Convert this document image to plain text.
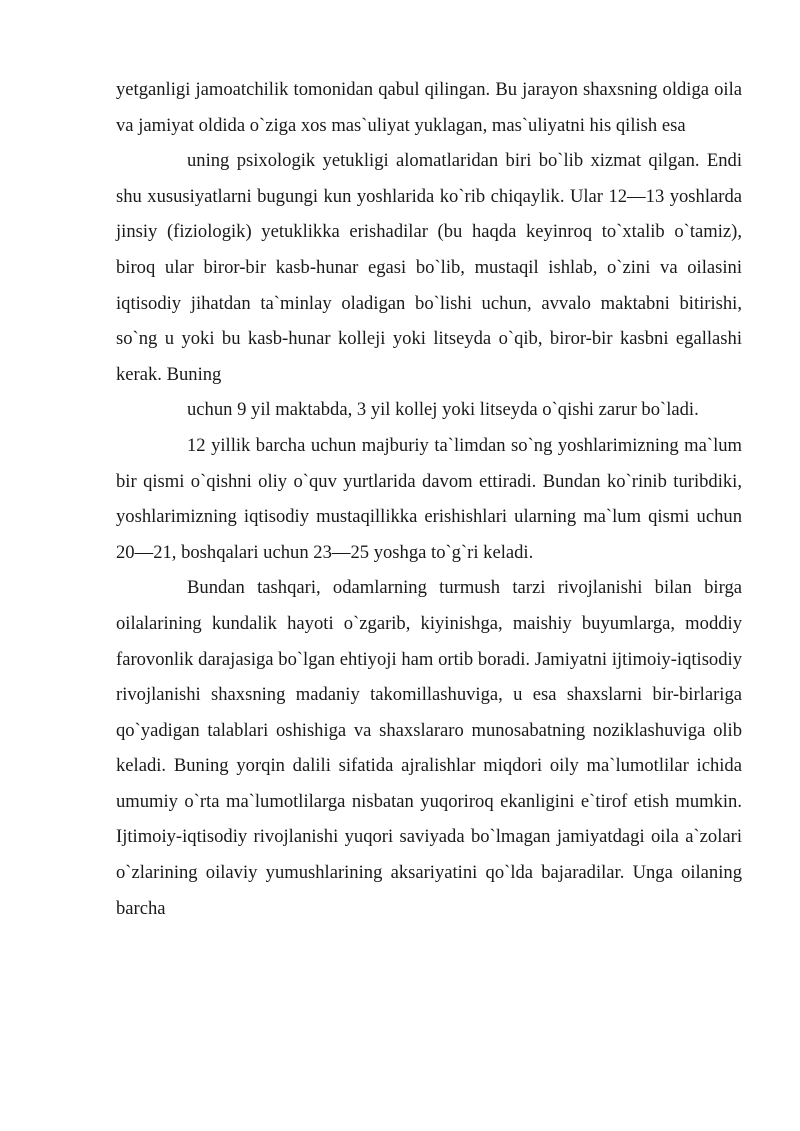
yetganligi jamoatchilik tomonidan qabul qilingan. Bu jarayon shaxsning oldiga oila va jamiyat oldida o`ziga xos mas`uliyat yuklagan, mas`uliyatni his qilish esa

uning psixologik yetukligi alomatlaridan biri bo`lib xizmat qilgan. Endi shu xususiyatlarni bugungi kun yoshlarida ko`rib chiqaylik. Ular 12—13 yoshlarda jinsiy (fiziologik) yetuklikka erishadilar (bu haqda keyinroq to`xtalib o`tamiz), biroq ular biror-bir kasb-hunar egasi bo`lib, mustaqil ishlab, o`zini va oilasini iqtisodiy jihatdan ta`minlay oladigan bo`lishi uchun, avvalo maktabni bitirishi, so`ng u yoki bu kasb-hunar kolleji yoki litseyda o`qib, biror-bir kasbni egallashi kerak. Buning

uchun 9 yil maktabda, 3 yil kollej yoki litseyda o`qishi zarur bo`ladi.

12 yillik barcha uchun majburiy ta`limdan so`ng yoshlarimizning ma`lum bir qismi o`qishni oliy o`quv yurtlarida davom ettiradi. Bundan ko`rinib turibdiki, yoshlarimizning iqtisodiy mustaqillikka erishishlari ularning ma`lum qismi uchun 20—21, boshqalari uchun 23—25 yoshga to`g`ri keladi.

Bundan tashqari, odamlarning turmush tarzi rivojlanishi bilan birga oilalarining kundalik hayoti o`zgarib, kiyinishga, maishiy buyumlarga, moddiy farovonlik darajasiga bo`lgan ehtiyoji ham ortib boradi. Jamiyatni ijtimoiy-iqtisodiy rivojlanishi shaxsning madaniy takomillashuviga, u esa shaxslarni bir-birlariga qo`yadigan talablari oshishiga va shaxslararo munosabatning noziklashuviga olib keladi. Buning yorqin dalili sifatida ajralishlar miqdori oily ma`lumotlilar ichida umumiy o`rta ma`lumotlilarga nisbatan yuqoriroq ekanligini e`tirof etish mumkin. Ijtimoiy-iqtisodiy rivojlanishi yuqori saviyada bo`lmagan jamiyatdagi oila a`zolari o`zlarining oilaviy yumushlarining aksariyatini qo`lda bajaradilar. Unga oilaning barcha
